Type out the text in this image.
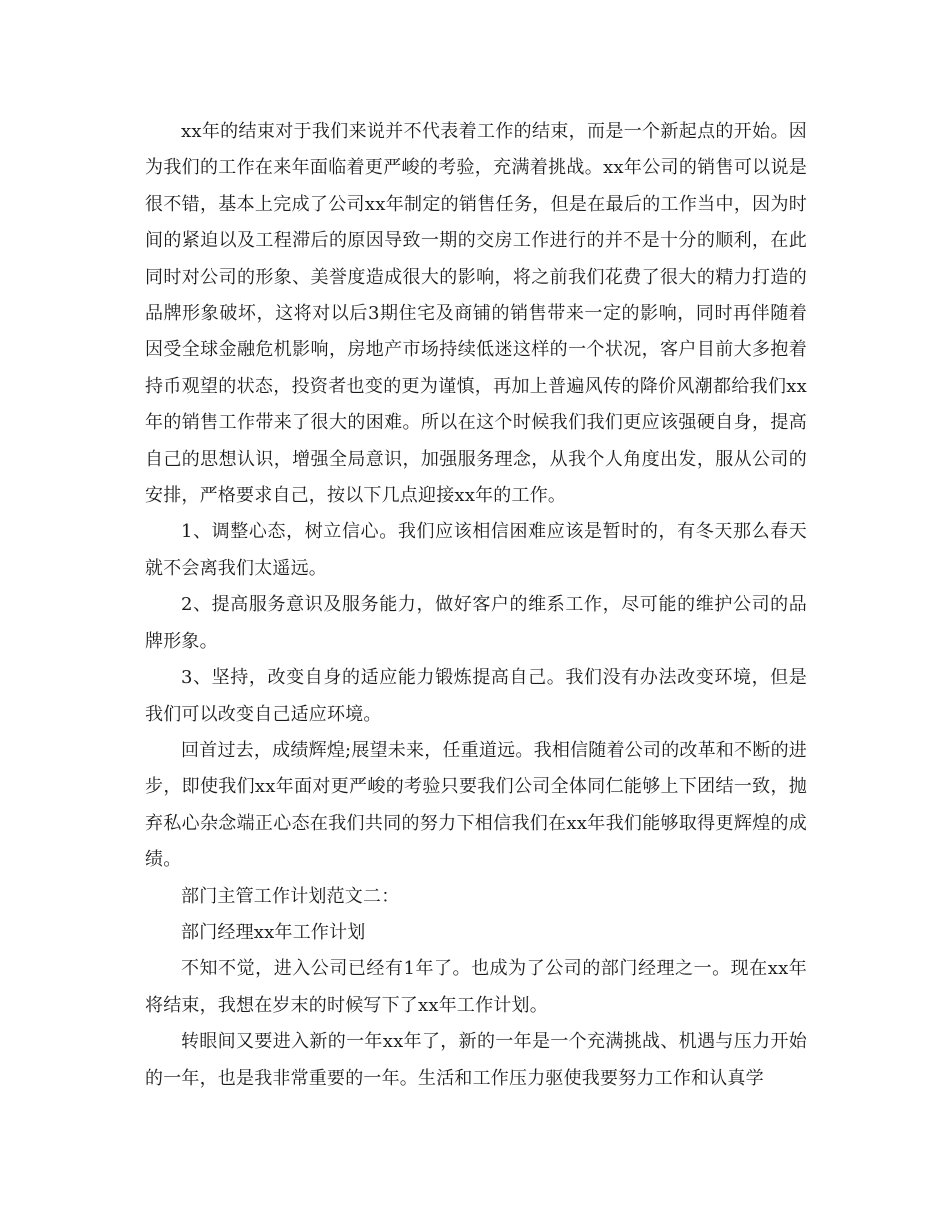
xx年的结束对于我们来说并不代表着工作的结束，而是一个新起点的开始。因为我们的工作在来年面临着更严峻的考验，充满着挑战。xx年公司的销售可以说是很不错，基本上完成了公司xx年制定的销售任务，但是在最后的工作当中，因为时间的紧迫以及工程滞后的原因导致一期的交房工作进行的并不是十分的顺利，在此同时对公司的形象、美誉度造成很大的影响，将之前我们花费了很大的精力打造的品牌形象破坏，这将对以后3期住宅及商铺的销售带来一定的影响，同时再伴随着因受全球金融危机影响，房地产市场持续低迷这样的一个状况，客户目前大多抱着持币观望的状态，投资者也变的更为谨慎，再加上普遍风传的降价风潮都给我们xx年的销售工作带来了很大的困难。所以在这个时候我们我们更应该强硬自身，提高自己的思想认识，增强全局意识，加强服务理念，从我个人角度出发，服从公司的安排，严格要求自己，按以下几点迎接xx年的工作。

1、调整心态，树立信心。我们应该相信困难应该是暂时的，有冬天那么春天就不会离我们太遥远。

2、提高服务意识及服务能力，做好客户的维系工作，尽可能的维护公司的品牌形象。

3、坚持，改变自身的适应能力锻炼提高自己。我们没有办法改变环境，但是我们可以改变自己适应环境。

回首过去，成绩辉煌;展望未来，任重道远。我相信随着公司的改革和不断的进步，即使我们xx年面对更严峻的考验只要我们公司全体同仁能够上下团结一致，抛弃私心杂念端正心态在我们共同的努力下相信我们在xx年我们能够取得更辉煌的成绩。

部门主管工作计划范文二：

部门经理xx年工作计划

不知不觉，进入公司已经有1年了。也成为了公司的部门经理之一。现在xx年将结束，我想在岁末的时候写下了xx年工作计划。

转眼间又要进入新的一年xx年了，新的一年是一个充满挑战、机遇与压力开始的一年，也是我非常重要的一年。生活和工作压力驱使我要努力工作和认真学
